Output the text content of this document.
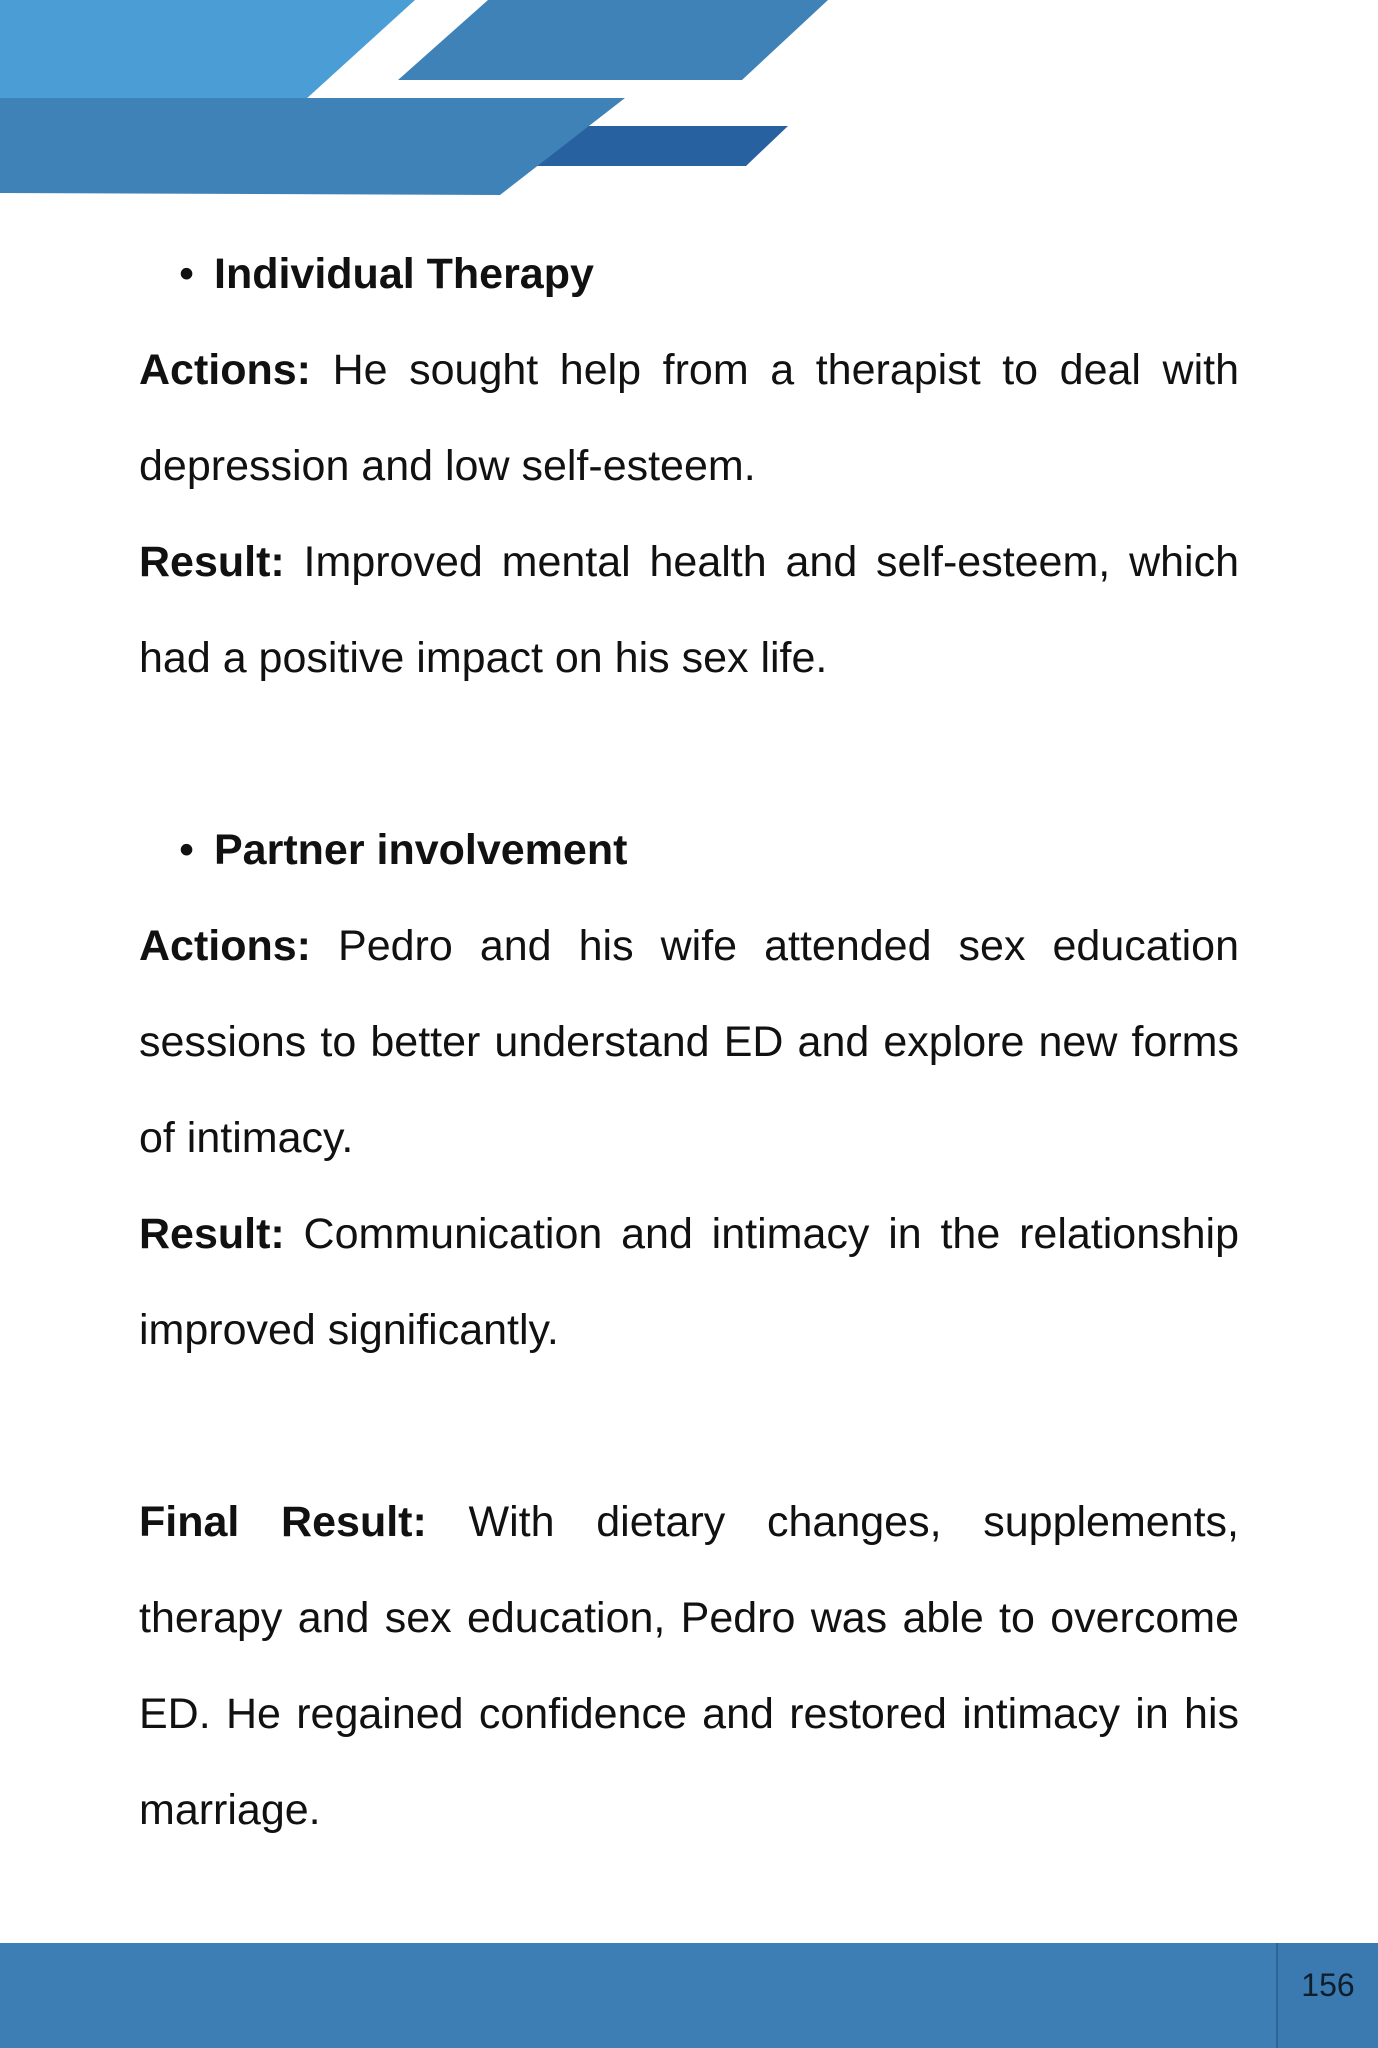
• Individual Therapy

Actions: He sought help from a therapist to deal with depression and low self-esteem.

Result: Improved mental health and self-esteem, which had a positive impact on his sex life.

• Partner involvement

Actions: Pedro and his wife attended sex education sessions to better understand ED and explore new forms of intimacy.

Result: Communication and intimacy in the relationship improved significantly.

Final Result: With dietary changes, supplements, therapy and sex education, Pedro was able to overcome ED. He regained confidence and restored intimacy in his marriage.

156
